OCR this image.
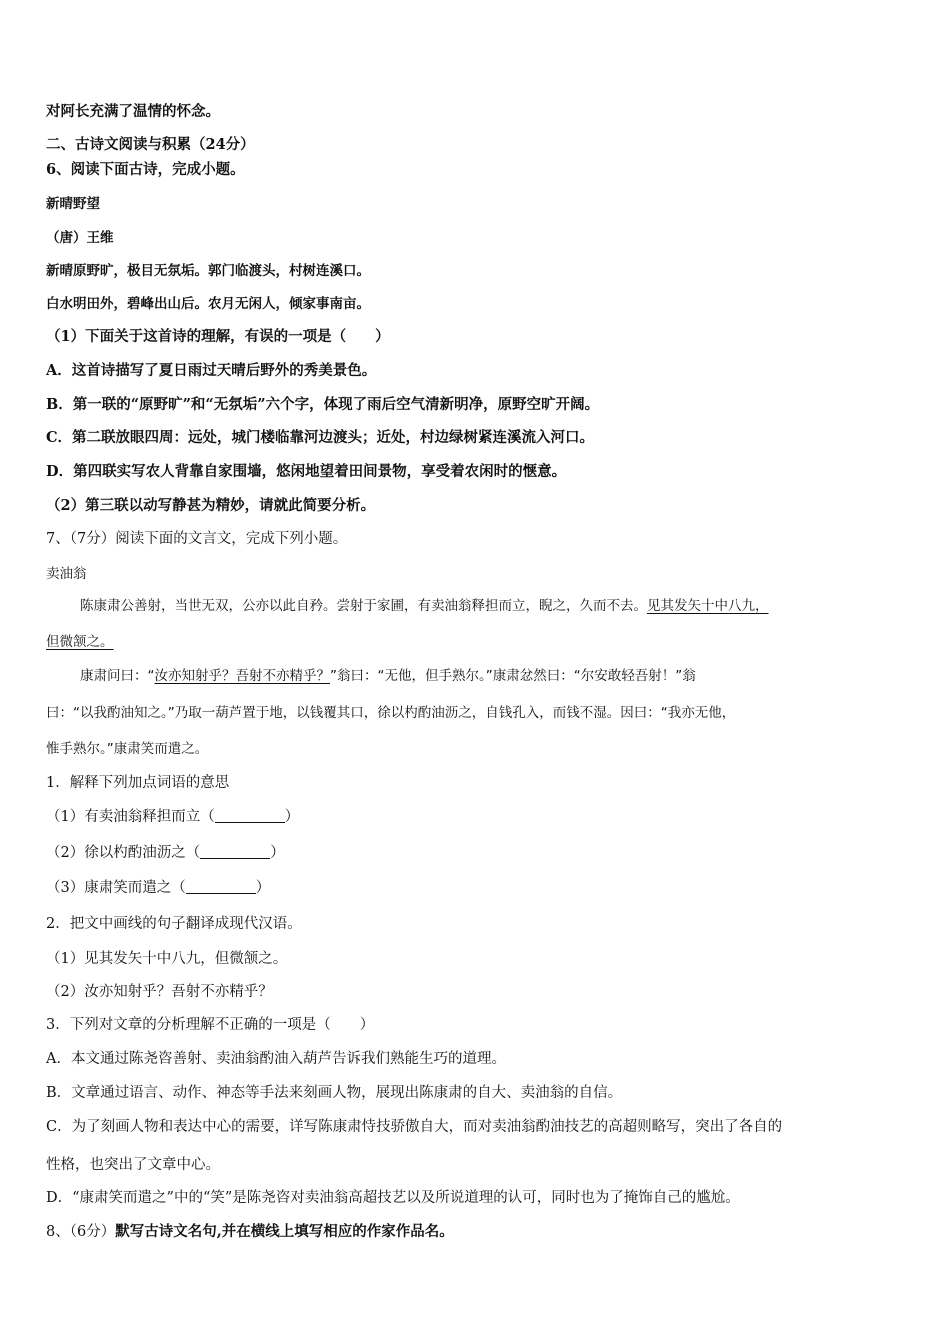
对阿长充满了温情的怀念。
二、古诗文阅读与积累（24分）
6、阅读下面古诗，完成小题。
新晴野望
（唐）王维
新晴原野旷，极目无氛垢。郭门临渡头，村树连溪口。
白水明田外，碧峰出山后。农月无闲人，倾家事南亩。
（1）下面关于这首诗的理解，有误的一项是（　　）
A．这首诗描写了夏日雨过天晴后野外的秀美景色。
B．第一联的“原野旷”和“无氛垢”六个字，体现了雨后空气清新明净，原野空旷开阔。
C．第二联放眼四周：远处，城门楼临靠河边渡头；近处，村边绿树紧连溪流入河口。
D．第四联实写农人背靠自家围墙，悠闲地望着田间景物，享受着农闲时的惬意。
（2）第三联以动写静甚为精妙，请就此简要分析。
7、（7分）阅读下面的文言文，完成下列小题。
卖油翁
陈康肃公善射，当世无双，公亦以此自矜。尝射于家圃，有卖油翁释担而立，睨之，久而不去。见其发矢十中八九，
但微颔之。
康肃问曰：“汝亦知射乎？吾射不亦精乎？”翁曰：“无他，但手熟尔。”康肃忿然曰：“尔安敢轻吾射！”翁
曰：“以我酌油知之。”乃取一葫芦置于地，以钱覆其口，徐以杓酌油沥之，自钱孔入，而钱不湿。因曰：“我亦无他，
惟手熟尔。”康肃笑而遣之。
1．解释下列加点词语的意思
（1）有卖油翁释担而立（	）
（2）徐以杓酌油沥之（	）
（3）康肃笑而遣之（	）
2．把文中画线的句子翻译成现代汉语。
（1）见其发矢十中八九，但微颔之。
（2）汝亦知射乎？吾射不亦精乎？
3．下列对文章的分析理解不正确的一项是（　　）
A．本文通过陈尧咨善射、卖油翁酌油入葫芦告诉我们熟能生巧的道理。
B．文章通过语言、动作、神态等手法来刻画人物，展现出陈康肃的自大、卖油翁的自信。
C．为了刻画人物和表达中心的需要，详写陈康肃恃技骄傲自大，而对卖油翁酌油技艺的高超则略写，突出了各自的
性格，也突出了文章中心。
D．“康肃笑而遣之”中的“笑”是陈尧咨对卖油翁高超技艺以及所说道理的认可，同时也为了掩饰自己的尴尬。
8、（6分）默写古诗文名句,并在横线上填写相应的作家作品名。
